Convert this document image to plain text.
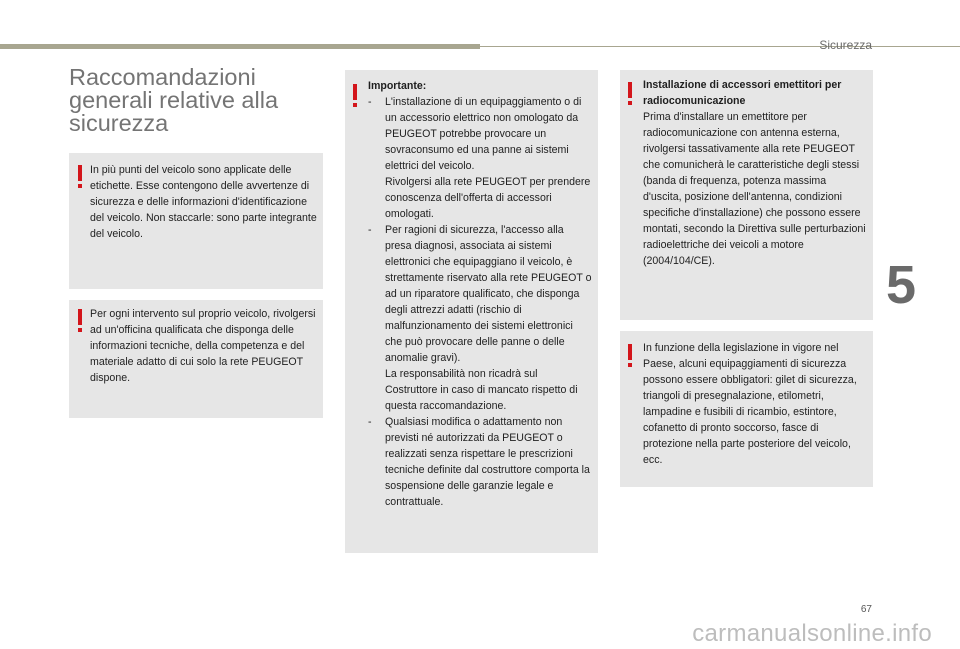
Sicurezza
5
Raccomandazioni generali relative alla sicurezza

In più punti del veicolo sono applicate delle etichette. Esse contengono delle avvertenze di sicurezza e delle informazioni d'identificazione del veicolo. Non staccarle: sono parte integrante del veicolo.

Per ogni intervento sul proprio veicolo, rivolgersi ad un'officina qualificata che disponga delle informazioni tecniche, della competenza e del materiale adatto di cui solo la rete PEUGEOT dispone.

Importante:

- L'installazione di un equipaggiamento o di un accessorio elettrico non omologato da PEUGEOT potrebbe provocare un sovraconsumo ed una panne ai sistemi elettrici del veicolo.
Rivolgersi alla rete PEUGEOT per prendere conoscenza dell'offerta di accessori omologati.
- Per ragioni di sicurezza, l'accesso alla presa diagnosi, associata ai sistemi elettronici che equipaggiano il veicolo, è strettamente riservato alla rete PEUGEOT o ad un riparatore qualificato, che disponga degli attrezzi adatti (rischio di malfunzionamento dei sistemi elettronici che può provocare delle panne o delle anomalie gravi).
La responsabilità non ricadrà sul Costruttore in caso di mancato rispetto di questa raccomandazione.
- Qualsiasi modifica o adattamento non previsti né autorizzati da PEUGEOT o realizzati senza rispettare le prescrizioni tecniche definite dal costruttore comporta la sospensione delle garanzie legale e contrattuale.

Installazione di accessori emettitori per radiocomunicazione

Prima d'installare un emettitore per radiocomunicazione con antenna esterna, rivolgersi tassativamente alla rete PEUGEOT che comunicherà le caratteristiche degli stessi (banda di frequenza, potenza massima d'uscita, posizione dell'antenna, condizioni specifiche d'installazione) che possono essere montati, secondo la Direttiva sulle perturbazioni radioelettriche dei veicoli a motore (2004/104/CE).

In funzione della legislazione in vigore nel Paese, alcuni equipaggiamenti di sicurezza possono essere obbligatori: gilet di sicurezza, triangoli di presegnalazione, etilometri, lampadine e fusibili di ricambio, estintore, cofanetto di pronto soccorso, fasce di protezione nella parte posteriore del veicolo, ecc.

67
carmanualsonline.info
